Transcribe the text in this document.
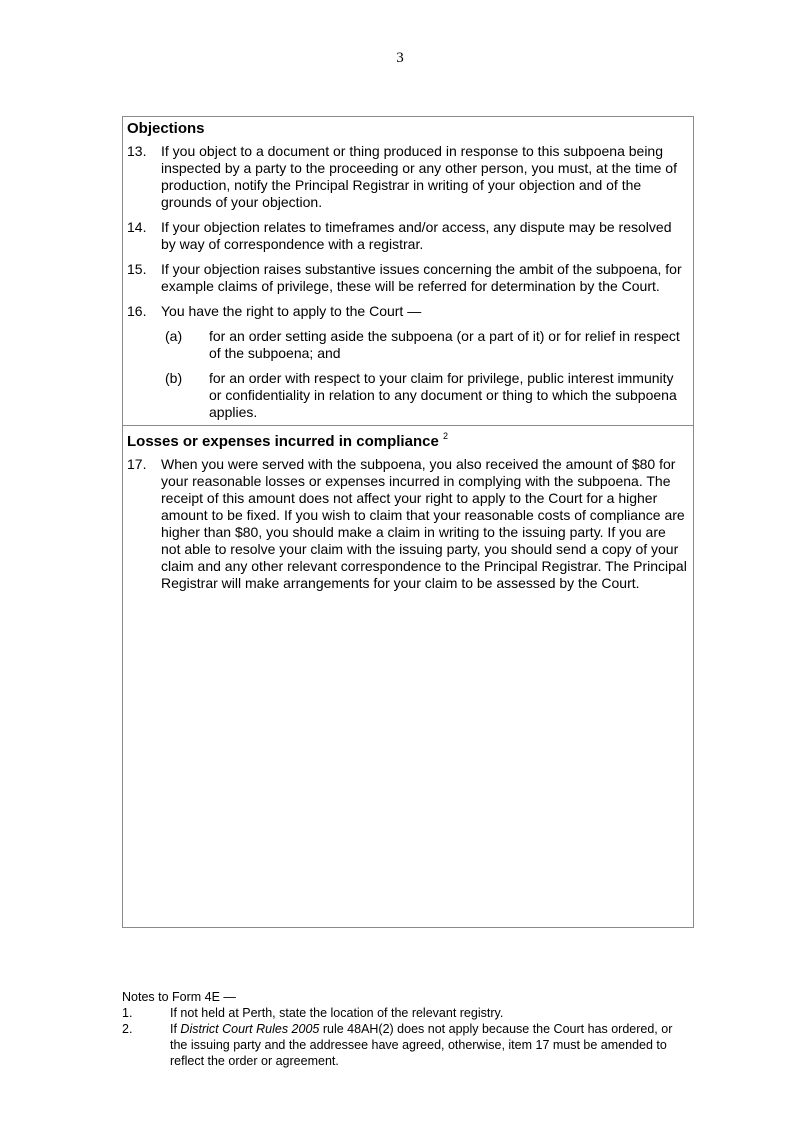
3
Objections
13.	If you object to a document or thing produced in response to this subpoena being inspected by a party to the proceeding or any other person, you must, at the time of production, notify the Principal Registrar in writing of your objection and of the grounds of your objection.
14.	If your objection relates to timeframes and/or access, any dispute may be resolved by way of correspondence with a registrar.
15.	If your objection raises substantive issues concerning the ambit of the subpoena, for example claims of privilege, these will be referred for determination by the Court.
16.	You have the right to apply to the Court —
(a)	for an order setting aside the subpoena (or a part of it) or for relief in respect of the subpoena; and
(b)	for an order with respect to your claim for privilege, public interest immunity or confidentiality in relation to any document or thing to which the subpoena applies.
Losses or expenses incurred in compliance $^2$
17.	When you were served with the subpoena, you also received the amount of $80 for your reasonable losses or expenses incurred in complying with the subpoena. The receipt of this amount does not affect your right to apply to the Court for a higher amount to be fixed. If you wish to claim that your reasonable costs of compliance are higher than $80, you should make a claim in writing to the issuing party. If you are not able to resolve your claim with the issuing party, you should send a copy of your claim and any other relevant correspondence to the Principal Registrar. The Principal Registrar will make arrangements for your claim to be assessed by the Court.
Notes to Form 4E —
1.	If not held at Perth, state the location of the relevant registry.
2.	If District Court Rules 2005 rule 48AH(2) does not apply because the Court has ordered, or the issuing party and the addressee have agreed, otherwise, item 17 must be amended to reflect the order or agreement.
